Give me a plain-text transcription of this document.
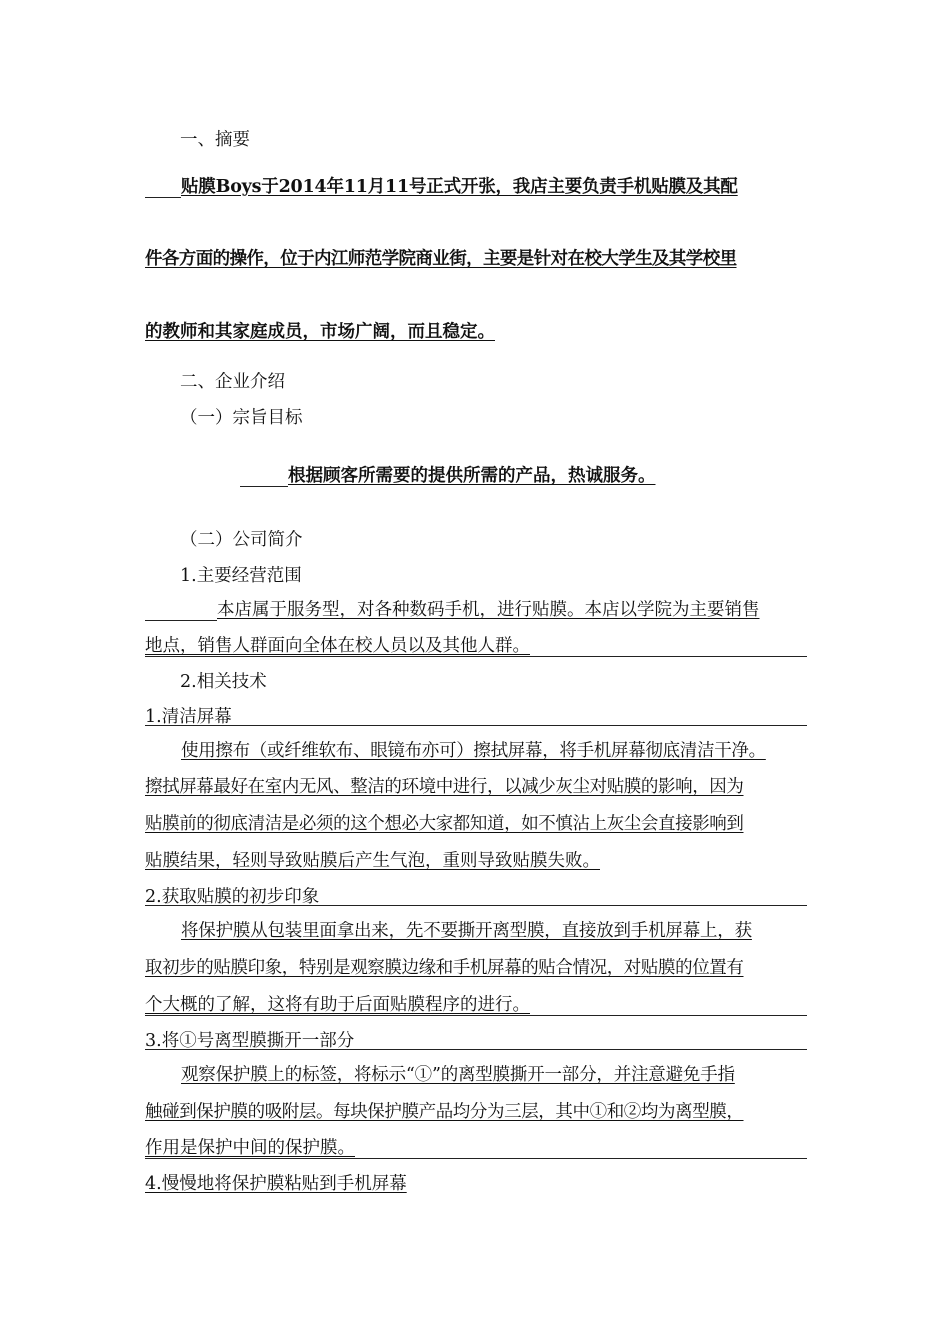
一、摘要

贴膜Boys于2014年11月11号正式开张，我店主要负责手机贴膜及其配

件各方面的操作，位于内江师范学院商业街，主要是针对在校大学生及其学校里

的教师和其家庭成员，市场广阔，而且稳定。

二、企业介绍

（一）宗旨目标

根据顾客所需要的提供所需的产品，热诚服务。

（二）公司简介

1.主要经营范围

本店属于服务型，对各种数码手机，进行贴膜。本店以学院为主要销售

地点，销售人群面向全体在校人员以及其他人群。

2.相关技术

1.清洁屏幕

使用擦布（或纤维软布、眼镜布亦可）擦拭屏幕，将手机屏幕彻底清洁干净。

擦拭屏幕最好在室内无风、整洁的环境中进行，以减少灰尘对贴膜的影响，因为

贴膜前的彻底清洁是必须的这个想必大家都知道，如不慎沾上灰尘会直接影响到

贴膜结果，轻则导致贴膜后产生气泡，重则导致贴膜失败。

2.获取贴膜的初步印象

将保护膜从包装里面拿出来，先不要撕开离型膜，直接放到手机屏幕上，获

取初步的贴膜印象，特别是观察膜边缘和手机屏幕的贴合情况，对贴膜的位置有

个大概的了解，这将有助于后面贴膜程序的进行。

3.将①号离型膜撕开一部分

观察保护膜上的标签，将标示“①”的离型膜撕开一部分，并注意避免手指

触碰到保护膜的吸附层。每块保护膜产品均分为三层，其中①和②均为离型膜，

作用是保护中间的保护膜。

4.慢慢地将保护膜粘贴到手机屏幕
